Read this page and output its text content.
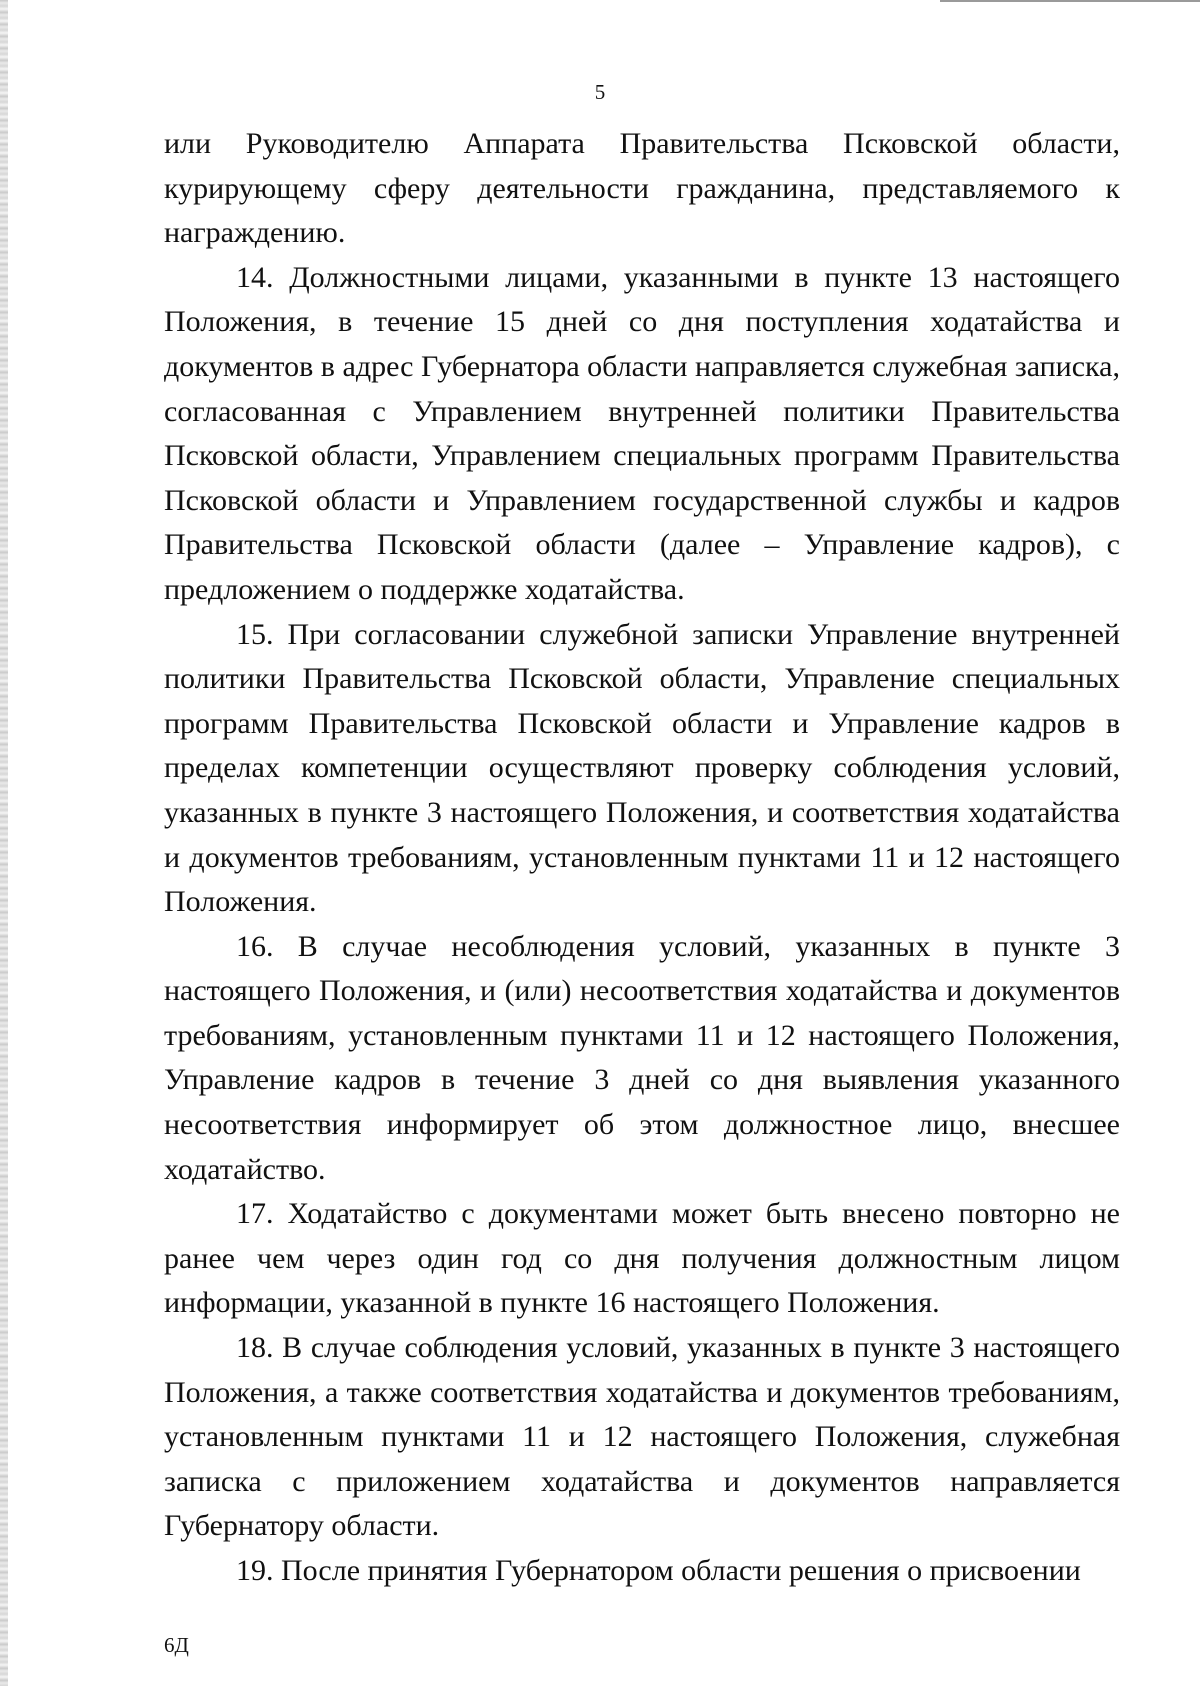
5

или Руководителю Аппарата Правительства Псковской области, курирующему сферу деятельности гражданина, представляемого к награждению.

14. Должностными лицами, указанными в пункте 13 настоящего Положения, в течение 15 дней со дня поступления ходатайства и документов в адрес Губернатора области направляется служебная записка, согласованная с Управлением внутренней политики Правительства Псковской области, Управлением специальных программ Правительства Псковской области и Управлением государственной службы и кадров Правительства Псковской области (далее – Управление кадров), с предложением о поддержке ходатайства.

15. При согласовании служебной записки Управление внутренней политики Правительства Псковской области, Управление специальных программ Правительства Псковской области и Управление кадров в пределах компетенции осуществляют проверку соблюдения условий, указанных в пункте 3 настоящего Положения, и соответствия ходатайства и документов требованиям, установленным пунктами 11 и 12 настоящего Положения.

16. В случае несоблюдения условий, указанных в пункте 3 настоящего Положения, и (или) несоответствия ходатайства и документов требованиям, установленным пунктами 11 и 12 настоящего Положения, Управление кадров в течение 3 дней со дня выявления указанного несоответствия информирует об этом должностное лицо, внесшее ходатайство.

17. Ходатайство с документами может быть внесено повторно не ранее чем через один год со дня получения должностным лицом информации, указанной в пункте 16 настоящего Положения.

18. В случае соблюдения условий, указанных в пункте 3 настоящего Положения, а также соответствия ходатайства и документов требованиям, установленным пунктами 11 и 12 настоящего Положения, служебная записка с приложением ходатайства и документов направляется Губернатору области.

19. После принятия Губернатором области решения о присвоении

6Д
